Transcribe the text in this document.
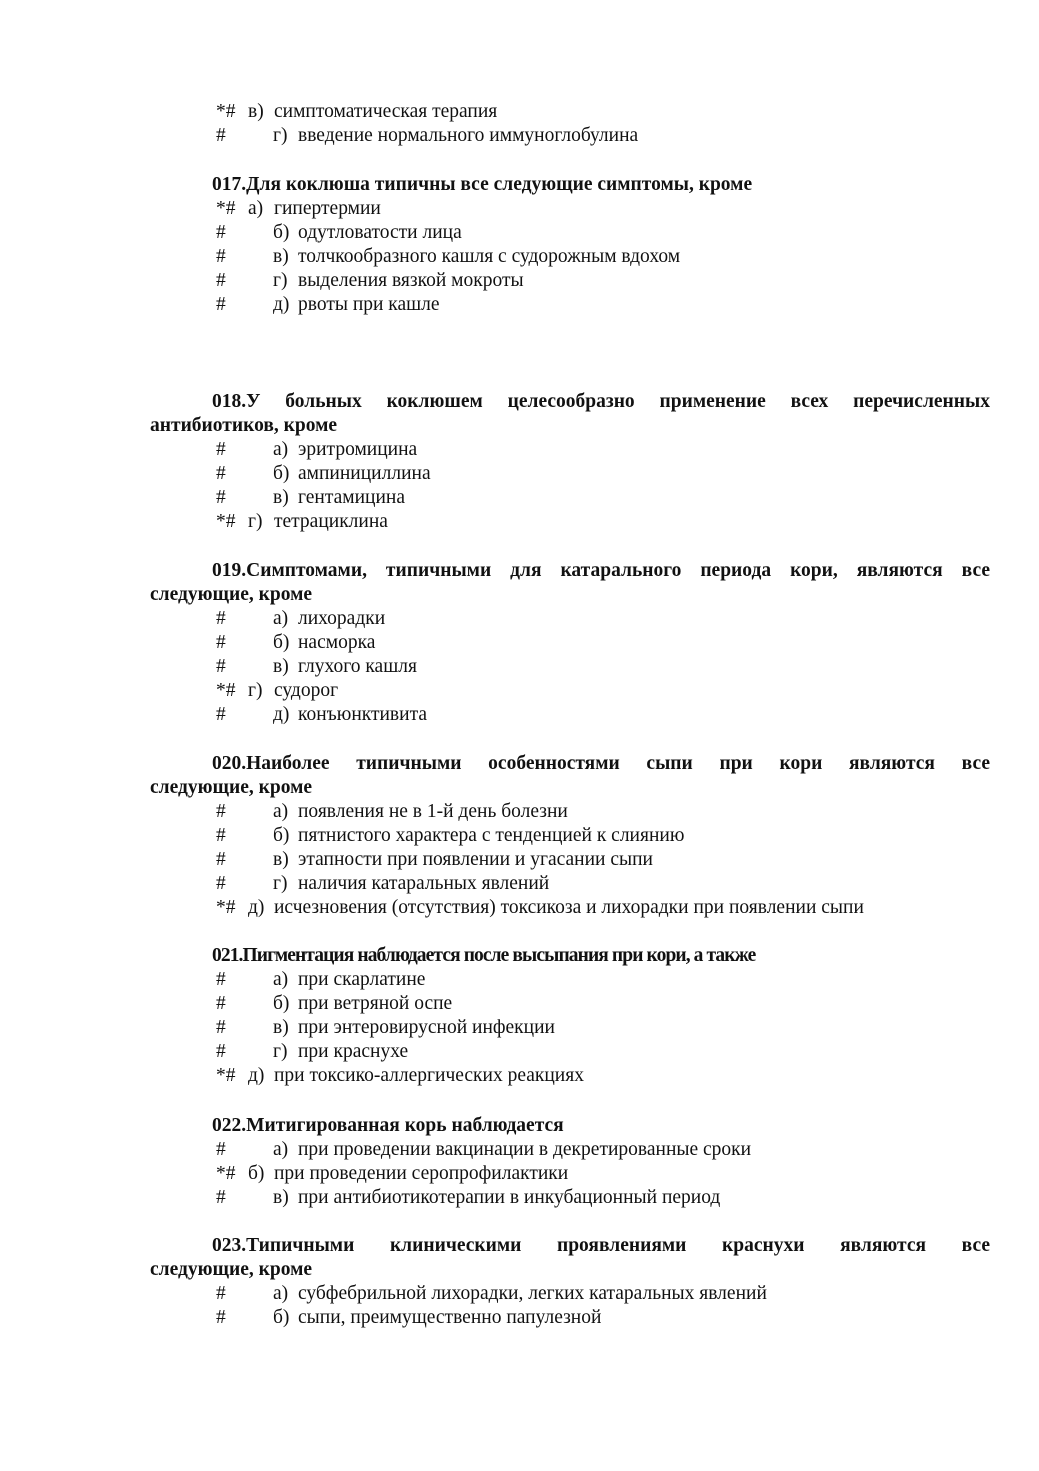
*# в) симптоматическая терапия
# г) введение нормального иммуноглобулина
017.Для коклюша типичны все следующие симптомы, кроме
*# а) гипертермии
# б) одутловатости лица
# в) толчкообразного кашля с судорожным вдохом
# г) выделения вязкой мокроты
# д) рвоты при кашле
018.У больных коклюшем целесообразно применение всех перечисленных
антибиотиков, кроме
# а) эритромицина
# б) ампинициллина
# в) гентамицина
*# г) тетрациклина
019.Симптомами, типичными для катарального периода кори, являются все
следующие, кроме
# а) лихорадки
# б) насморка
# в) глухого кашля
*# г) судорог
# д) конъюнктивита
020.Наиболее типичными особенностями сыпи при кори являются все
следующие, кроме
# а) появления не в 1-й день болезни
# б) пятнистого характера с тенденцией к слиянию
# в) этапности при появлении и угасании сыпи
# г) наличия катаральных явлений
*# д) исчезновения (отсутствия) токсикоза и лихорадки при появлении сыпи
021.Пигментация наблюдается после высыпания при кори, а также
# а) при скарлатине
# б) при ветряной оспе
# в) при энтеровирусной инфекции
# г) при краснухе
*# д) при токсико-аллергических реакциях
022.Митигированная корь наблюдается
# а) при проведении вакцинации в декретированные сроки
*# б) при проведении серопрофилактики
# в) при антибиотикотерапии в инкубационный период
023.Типичными клиническими проявлениями краснухи являются все
следующие, кроме
# а) субфебрильной лихорадки, легких катаральных явлений
# б) сыпи, преимущественно папулезной
